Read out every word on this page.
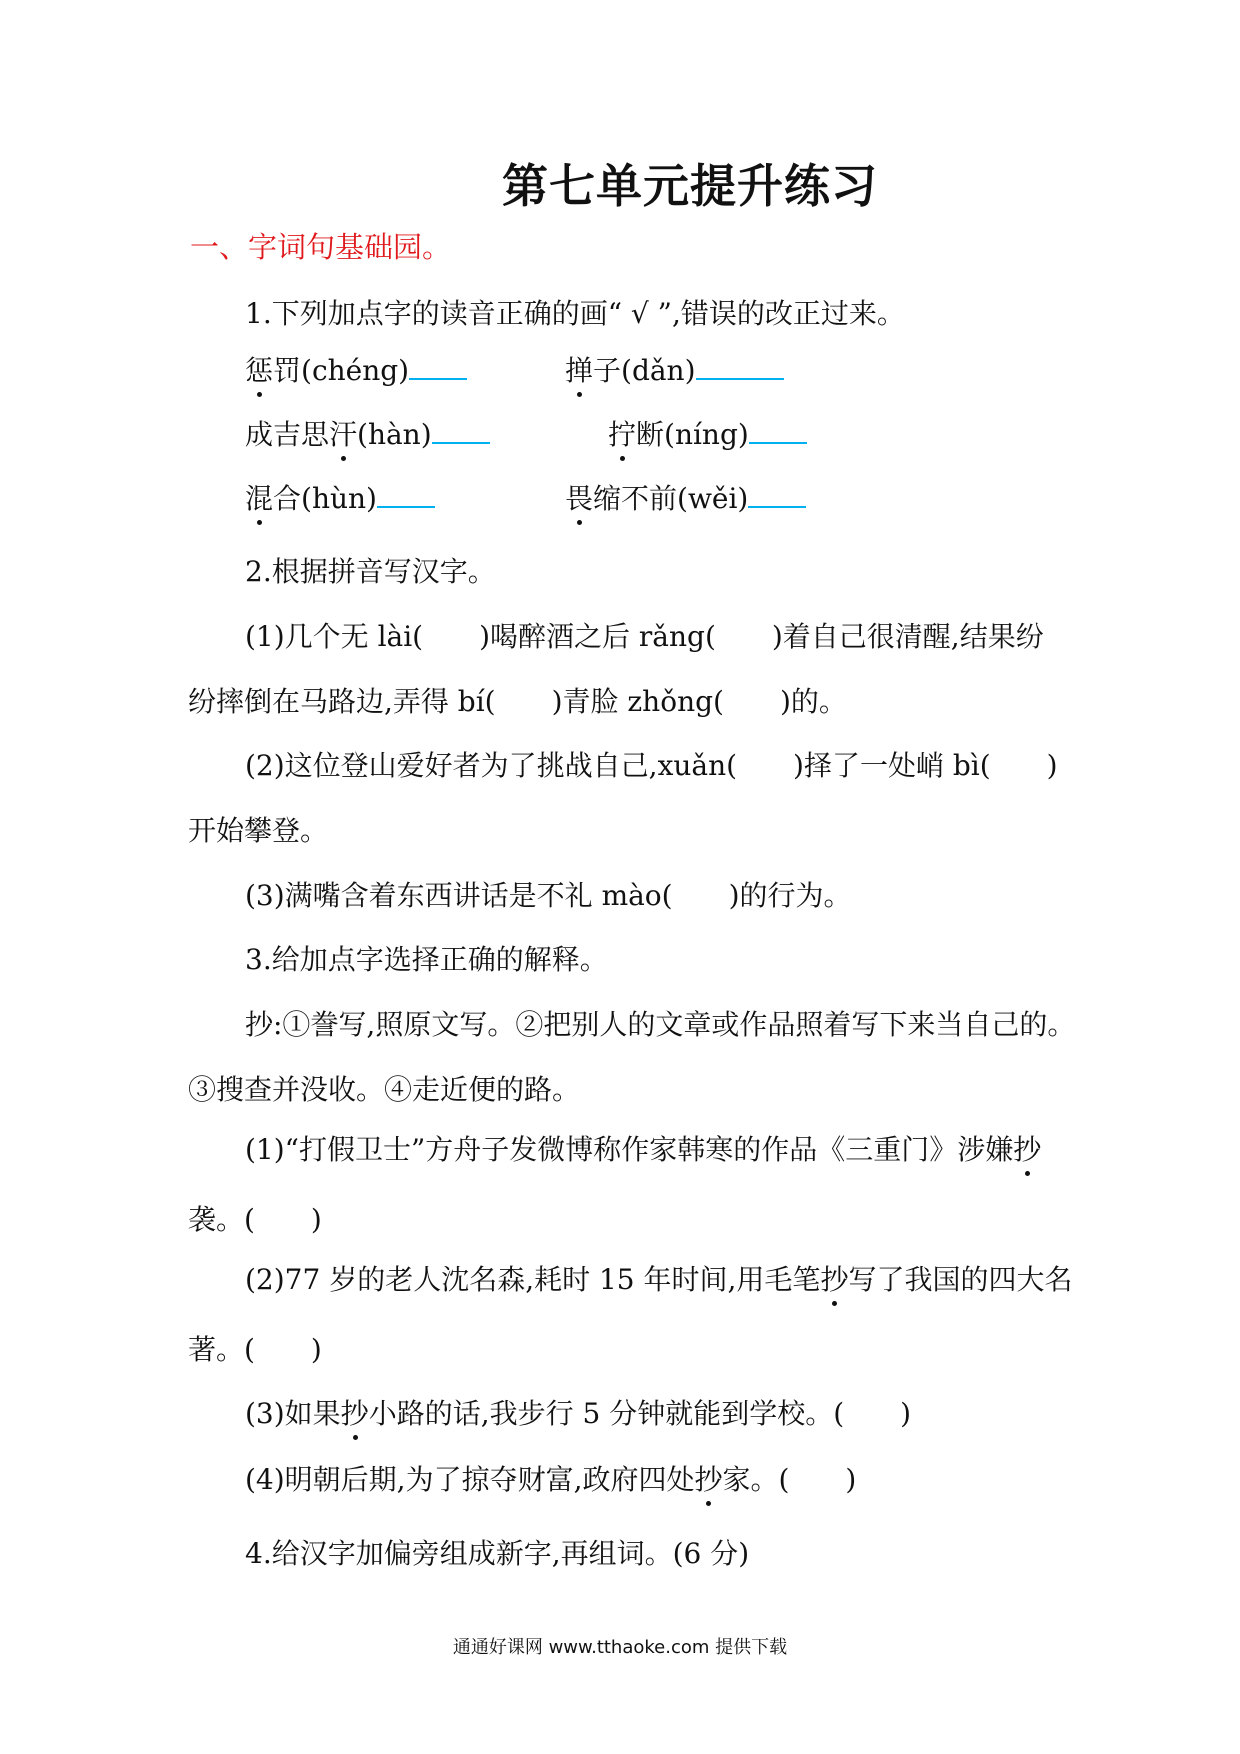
第七单元提升练习
一、字词句基础园。
1.下列加点字的读音正确的画“ √ ”,错误的改正过来。
惩罚(chéng)	掸子(dǎn)
成吉思汗(hàn)	拧断(níng)
混合(hùn)	畏缩不前(wěi)
2.根据拼音写汉字。
(1)几个无 lài(　　)喝醉酒之后 rǎng(　　)着自己很清醒,结果纷
纷摔倒在马路边,弄得 bí(　　)青脸 zhǒng(　　)的。
(2)这位登山爱好者为了挑战自己,xuǎn(　　)择了一处峭 bì(　　)
开始攀登。
(3)满嘴含着东西讲话是不礼 mào(　　)的行为。
3.给加点字选择正确的解释。
抄:①誊写,照原文写。②把别人的文章或作品照着写下来当自己的。
③搜查并没收。④走近便的路。
(1)“打假卫士”方舟子发微博称作家韩寒的作品《三重门》涉嫌抄
袭。(　　)
(2)77 岁的老人沈名森,耗时 15 年时间,用毛笔抄写了我国的四大名
著。(　　)
(3)如果抄小路的话,我步行 5 分钟就能到学校。(　　)
(4)明朝后期,为了掠夺财富,政府四处抄家。(　　)
4.给汉字加偏旁组成新字,再组词。(6 分)
通通好课网 www.tthaoke.com 提供下载
